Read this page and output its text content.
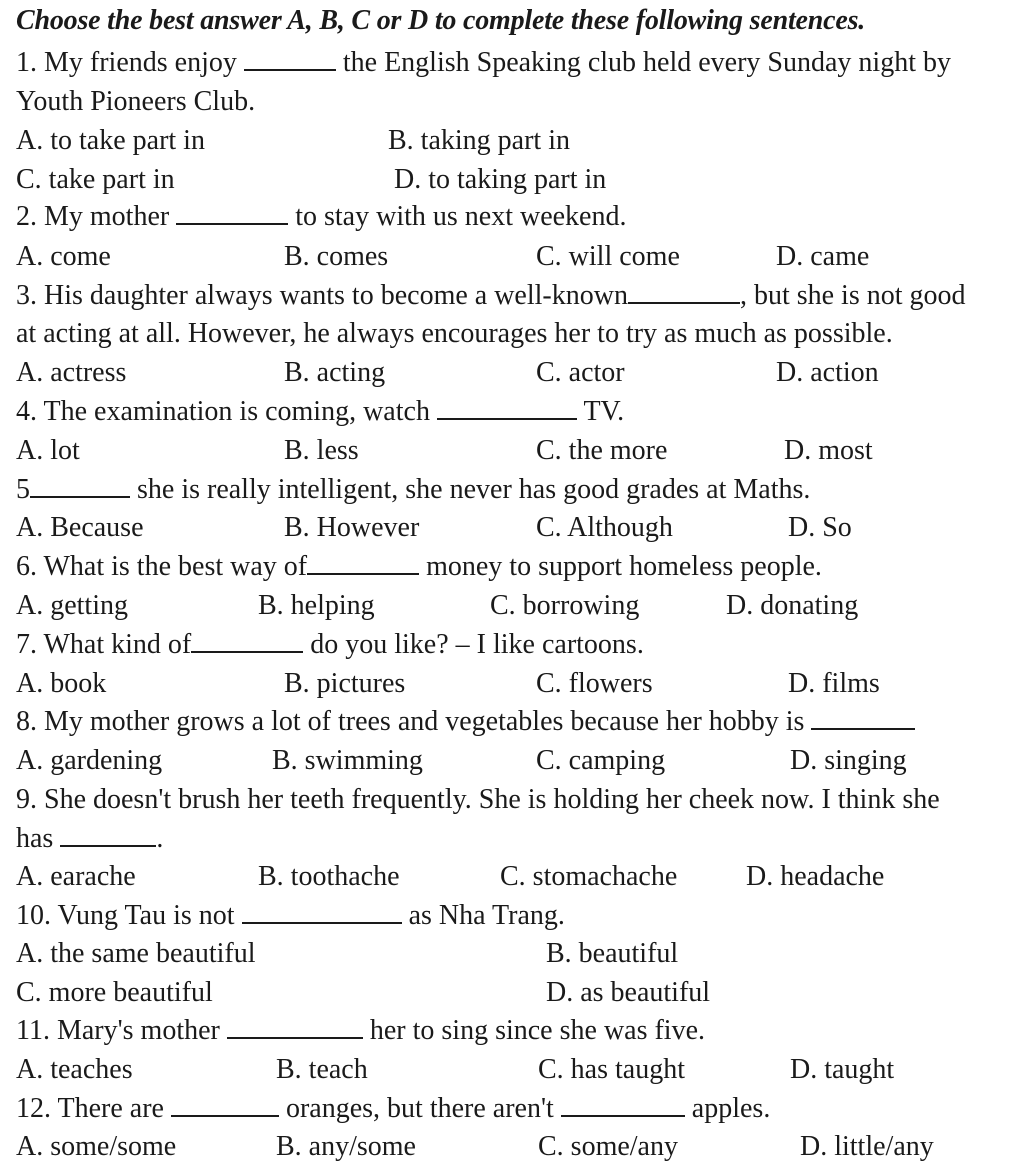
Choose the best answer A, B, C or D to complete these following sentences.
1. My friends enjoy	the English Speaking club held every Sunday night by
Youth Pioneers Club.
A. to take part in	B. taking part in
C. take part in	D. to taking part in
2. My mother	to stay with us next weekend.
A. come	B. comes	C. will come	D. came
3. His daughter always wants to become a well-known	, but she is not good
at acting at all. However, he always encourages her to try as much as possible.
A. actress	B. acting	C. actor	D. action
4. The examination is coming, watch	TV.
A. lot	B. less	C. the more	D. most
5	she is really intelligent, she never has good grades at Maths.
A. Because	B. However	C. Although	D. So
6. What is the best way of	money to support homeless people.
A. getting	B. helping	C. borrowing	D. donating
7. What kind of	do you like? – I like cartoons.
A. book	B. pictures	C. flowers	D. films
8. My mother grows a lot of trees and vegetables because her hobby is
A. gardening	B. swimming	C. camping	D. singing
9. She doesn't brush her teeth frequently. She is holding her cheek now. I think she
has	.
A. earache	B. toothache	C. stomachache D. headache
10. Vung Tau is not	as Nha Trang.
A. the same beautiful	B. beautiful
C. more beautiful	D. as beautiful
11. Mary's mother	her to sing since she was five.
A. teaches	B. teach	C. has taught	D. taught
12. There are	oranges, but there aren't	apples.
A. some/some	B. any/some	C. some/any	D. little/any
